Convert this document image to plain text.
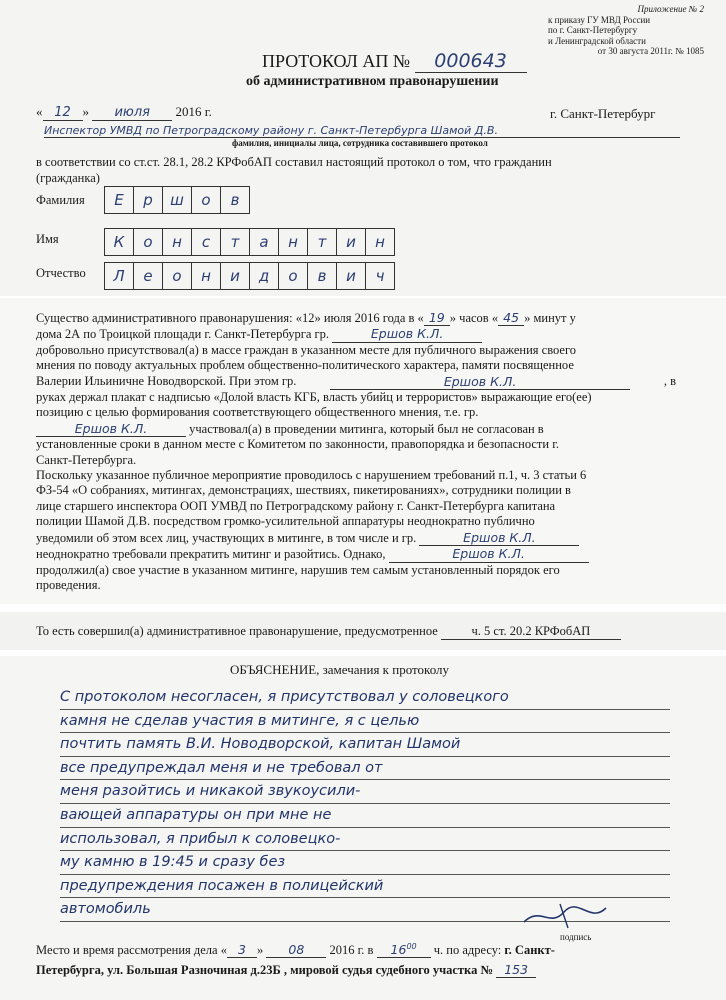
Приложение № 2
к приказу ГУ МВД России
по г. Санкт-Петербургу
и Ленинградской области
от 30 августа 2011г. № 1085
ПРОТОКОЛ АП № 000643
об административном правонарушении
« 12 » июля 2016 г.	г. Санкт-Петербург
Инспектор УМВД по Петроградскому району г. Санкт-Петербурга Шамой Д.В.
фамилия, инициалы лица, сотрудника составившего протокол
в соответствии со ст.ст. 28.1, 28.2 КРФобАП составил настоящий протокол о том, что гражданин
(гражданка)
Фамилия	Е	р	ш	о	в
Имя	К	о	н	с	т	а	н	т	и	н
Отчество	Л	е	о	н	и	д	о	в	и	ч

Существо административного правонарушения: «12» июля 2016 года в « 19 » часов « 45 » минут у

дома 2А по Троицкой площади г. Санкт-Петербурга гр.	Ершов К.Л.

добровольно присутствовал(а) в массе граждан в указанном месте для публичного выражения своего

мнения по поводу актуальных проблем общественно-политического характера, памяти посвященное

Валерии Ильиничне Новодворской. При этом гр.	Ершов К.Л.	, в

руках держал плакат с надписью «Долой власть КГБ, власть убийц и террористов» выражающие его(ее)

позицию с целью формирования соответствующего общественного мнения, т.е. гр.

Ершов К.Л.	участвовал(а) в проведении митинга, который был не согласован в

установленные сроки в данном месте с Комитетом по законности, правопорядка и безопасности г.

Санкт-Петербурга.

Поскольку указанное публичное мероприятие проводилось с нарушением требований п.1, ч. 3 статьи 6

ФЗ-54 «О собраниях, митингах, демонстрациях, шествиях, пикетированиях», сотрудники полиции в

лице старшего инспектора ООП УМВД по Петроградскому району г. Санкт-Петербурга капитана

полиции Шамой Д.В. посредством громко-усилительной аппаратуры неоднократно публично

уведомили об этом всех лиц, участвующих в митинге, в том числе и гр.	Ершов К.Л.

неоднократно требовали прекратить митинг и разойтись. Однако,	Ершов К.Л.

продолжил(а) свое участие в указанном митинге, нарушив тем самым установленный порядок его

проведения.

То есть совершил(а) административное правонарушение, предусмотренное	ч. 5 ст. 20.2 КРФобАП
ОБЪЯСНЕНИЕ, замечания к протоколу
С протоколом несогласен, я присутствовал у соловецкого
камня не сделав участия в митинге, я с целью
почтить память В.И. Новодворской, капитан Шамой
все предупреждал меня и не требовал от
меня разойтись и никакой звукоусили-
вающей аппаратуры он при мне не
использовал, я прибыл к соловецко-
му камню в 19:45 и сразу без
предупреждения посажен в полицейский
автомобиль
подпись
Место и время рассмотрения дела « 3 » 08 2016 г. в $16^{00}$ ч. по адресу: г. Санкт-
Петербурга, ул. Большая Разночиная д.23Б , мировой судья судебного участка № 153
